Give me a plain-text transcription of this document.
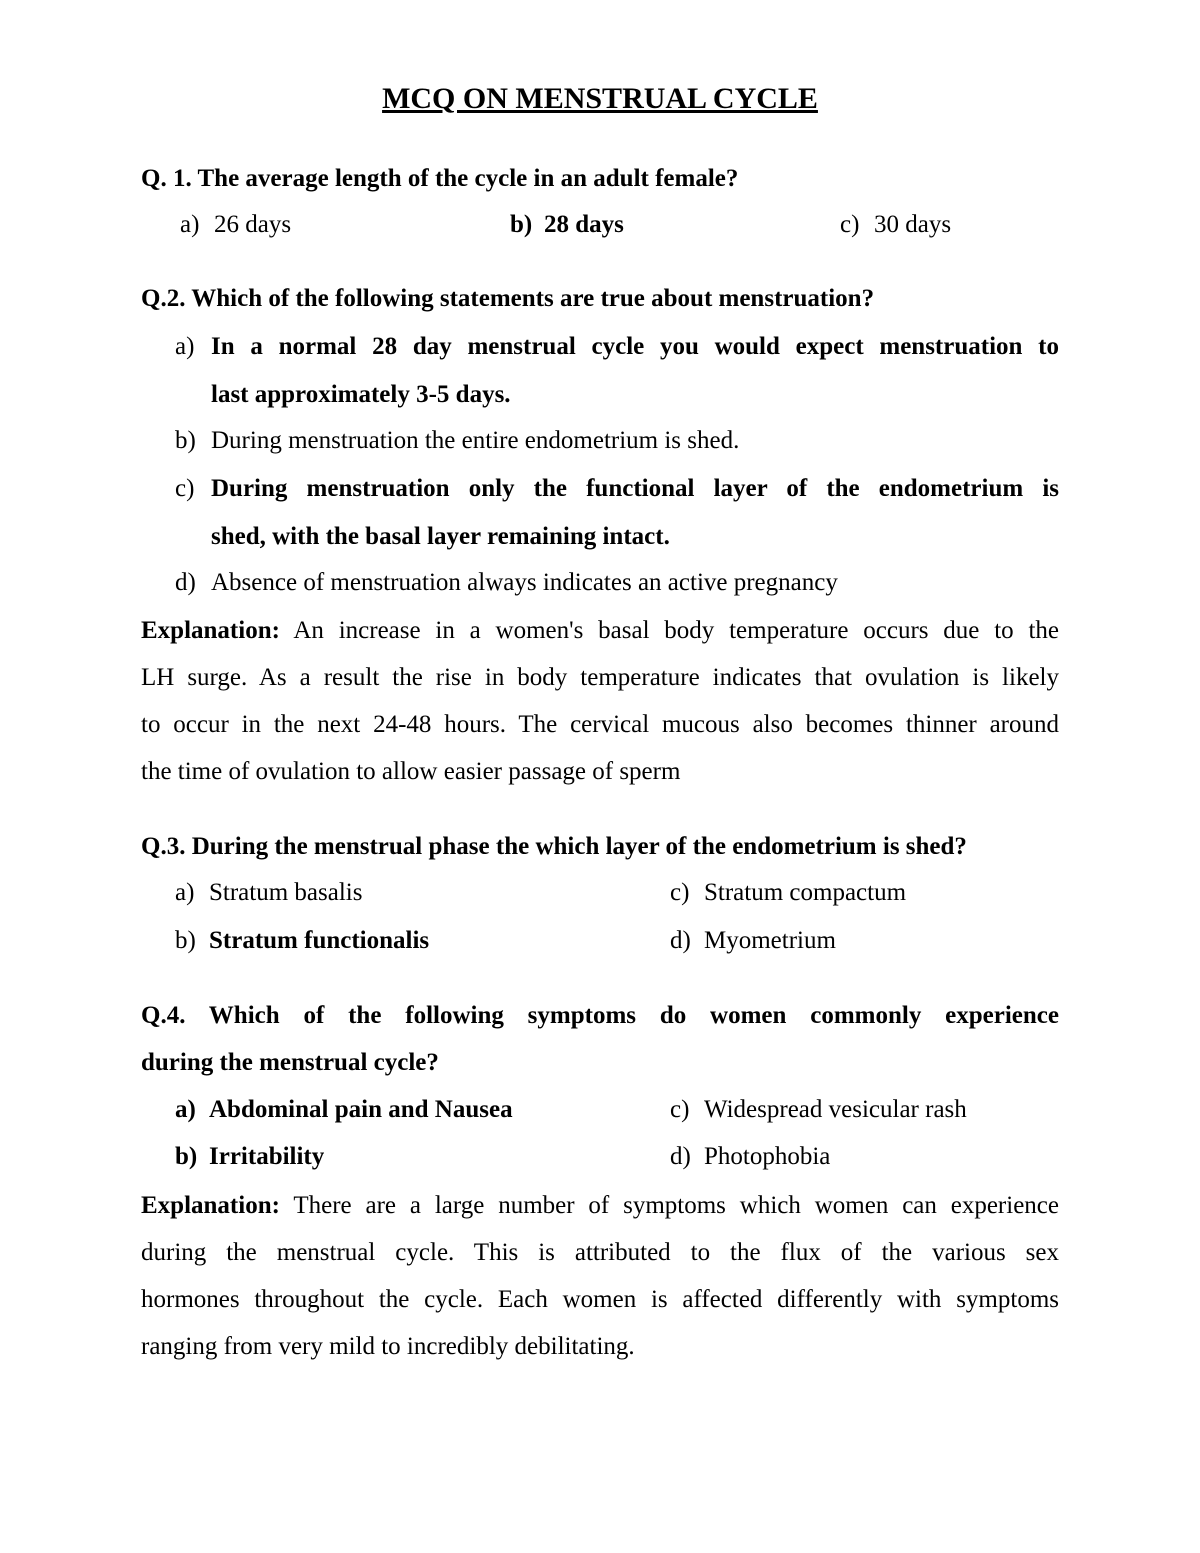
MCQ ON MENSTRUAL CYCLE
Q. 1. The average length of the cycle in an adult female?
a) 26 days	b) 28 days	c) 30 days
Q.2. Which of the following statements are true about menstruation?
a) In a normal 28 day menstrual cycle you would expect menstruation to
last approximately 3-5 days.
b) During menstruation the entire endometrium is shed.
c) During menstruation only the functional layer of the endometrium is
shed, with the basal layer remaining intact.
d) Absence of menstruation always indicates an active pregnancy
Explanation: An increase in a women's basal body temperature occurs due to the
LH surge. As a result the rise in body temperature indicates that ovulation is likely
to occur in the next 24-48 hours. The cervical mucous also becomes thinner around
the time of ovulation to allow easier passage of sperm
Q.3. During the menstrual phase the which layer of the endometrium is shed?
a) Stratum basalis
b) Stratum functionalis
c) Stratum compactum
d) Myometrium
Q.4. Which of the following symptoms do women commonly experience
during the menstrual cycle?
a) Abdominal pain and Nausea
b) Irritability
c) Widespread vesicular rash
d) Photophobia
Explanation: There are a large number of symptoms which women can experience
during the menstrual cycle. This is attributed to the flux of the various sex
hormones throughout the cycle. Each women is affected differently with symptoms
ranging from very mild to incredibly debilitating.
